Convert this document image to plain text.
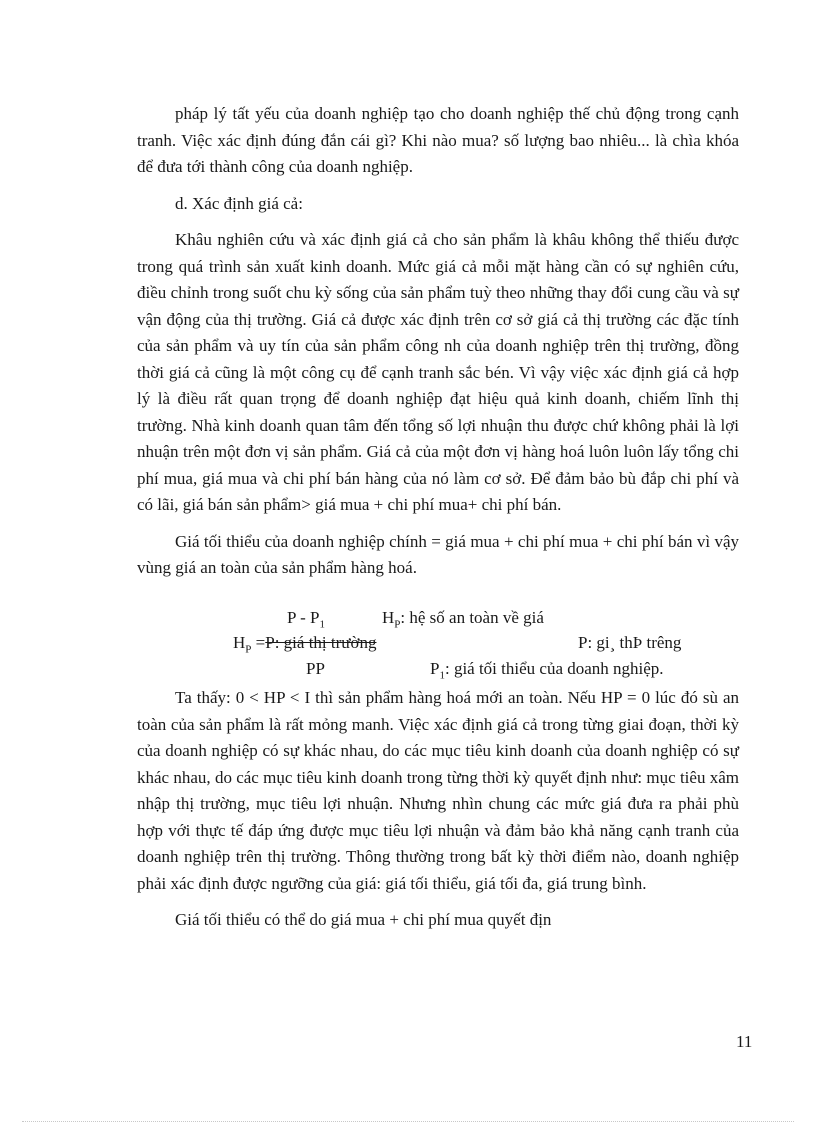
pháp lý tất yếu của doanh nghiệp tạo cho doanh nghiệp thế chủ động trong cạnh tranh. Việc xác định đúng đắn cái gì? Khi nào mua? số lượng bao nhiêu... là chìa khóa để đưa tới thành công của doanh nghiệp.

d. Xác định giá cả:

Khâu nghiên cứu và xác định giá cả cho sản phẩm là khâu không thể thiếu được trong quá trình sản xuất kinh doanh. Mức giá cả mỗi mặt hàng cần có sự nghiên cứu, điều chỉnh trong suốt chu kỳ sống của sản phẩm tuỳ theo những thay đổi cung cầu và sự vận động của thị trường. Giá cả được xác định trên cơ sở giá cả thị trường các đặc tính của sản phẩm và uy tín của sản phẩm công nh của doanh nghiệp trên thị trường, đồng thời giá cả cũng là một công cụ để cạnh tranh sắc bén. Vì vậy việc xác định giá cả hợp lý là điều rất quan trọng để doanh nghiệp đạt hiệu quả kinh doanh, chiếm lĩnh thị trường. Nhà kinh doanh quan tâm đến tổng số lợi nhuận thu được chứ không phải là lợi nhuận trên một đơn vị sản phẩm. Giá cả của một đơn vị hàng hoá luôn luôn lấy tổng chi phí mua, giá mua và chi phí bán hàng của nó làm cơ sở. Để đảm bảo bù đắp chi phí và có lãi, giá bán sản phẩm> giá mua + chi phí mua+ chi phí bán.

Giá tối thiểu của doanh nghiệp chính = giá mua + chi phí mua + chi phí bán vì vậy vùng giá an toàn của sản phẩm hàng hoá.

P - $P_1$	$H_P$: hệ số an toàn về giá
$H_P =P$: giá thị trường	P: gi¸ thÞ trêng
PP	$P_1$: giá tối thiểu của doanh nghiệp.

Ta thấy: 0 < HP < I thì sản phẩm hàng hoá mới an toàn. Nếu HP = 0 lúc đó sù an toàn của sản phẩm là rất mỏng manh. Việc xác định giá cả trong từng giai đoạn, thời kỳ của doanh nghiệp có sự khác nhau, do các mục tiêu kinh doanh của doanh nghiệp có sự khác nhau, do các mục tiêu kinh doanh trong từng thời kỳ quyết định như: mục tiêu xâm nhập thị trường, mục tiêu lợi nhuận. Nhưng nhìn chung các mức giá đưa ra phải phù hợp với thực tế đáp ứng được mục tiêu lợi nhuận và đảm bảo khả năng cạnh tranh của doanh nghiệp trên thị trường. Thông thường trong bất kỳ thời điểm nào, doanh nghiệp phải xác định được ngưỡng của giá: giá tối thiểu, giá tối đa, giá trung bình.

Giá tối thiểu có thể do giá mua + chi phí mua quyết địn

11
